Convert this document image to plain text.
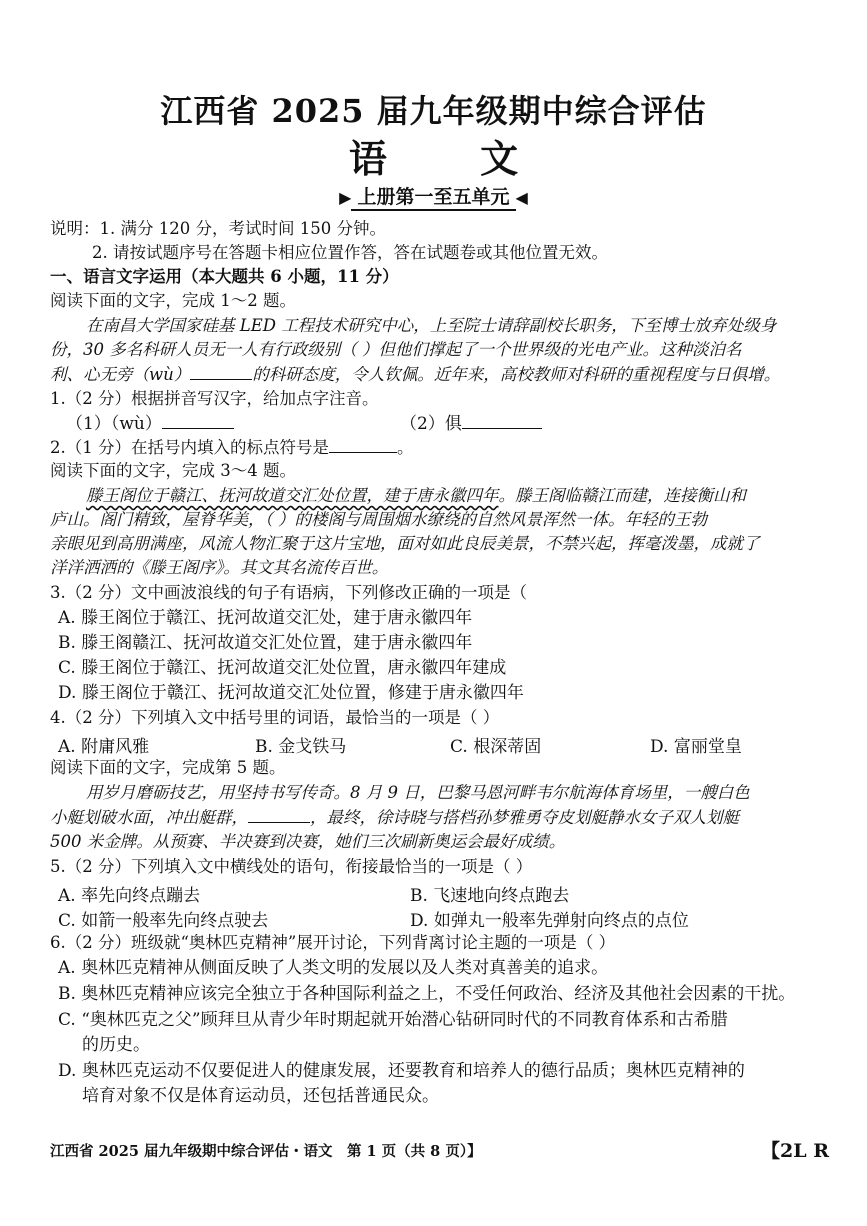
江西省 2025 届九年级期中综合评估
语 文
▶ 上册第一至五单元 ◀
说明：1. 满分 120 分，考试时间 150 分钟。
2. 请按试题序号在答题卡相应位置作答，答在试题卷或其他位置无效。
一、语言文字运用（本大题共 6 小题，11 分）
阅读下面的文字，完成 1～2 题。
在南昌大学国家硅基 LED 工程技术研究中心，上至院士请辞副校长职务，下至博士放弃处级身
份，30 多名科研人员无一人有行政级别（ ）但他们撑起了一个世界级的光电产业。这种淡泊名
利、心无旁（wù）	的科研态度，令人钦佩。近年来，高校教师对科研的重视程度与日俱增。
1.（2 分）根据拼音写汉字，给加点字注音。
（1）（wù）	（2）俱
2.（1 分）在括号内填入的标点符号是	。
阅读下面的文字，完成 3～4 题。
滕王阁位于赣江、抚河故道交汇处位置，建于唐永徽四年。滕王阁临赣江而建，连接衡山和
庐山。阁门精致，屋脊华美，（ ）的楼阁与周围烟水缭绕的自然风景浑然一体。年轻的王勃
亲眼见到高朋满座，风流人物汇聚于这片宝地，面对如此良辰美景，不禁兴起，挥毫泼墨，成就了
洋洋洒洒的《滕王阁序》。其文其名流传百世。
3.（2 分）文中画波浪线的句子有语病，下列修改正确的一项是（
A. 滕王阁位于赣江、抚河故道交汇处，建于唐永徽四年
B. 滕王阁赣江、抚河故道交汇处位置，建于唐永徽四年
C. 滕王阁位于赣江、抚河故道交汇处位置，唐永徽四年建成
D. 滕王阁位于赣江、抚河故道交汇处位置，修建于唐永徽四年
4.（2 分）下列填入文中括号里的词语，最恰当的一项是（ ）
A. 附庸风雅	B. 金戈铁马	C. 根深蒂固	D. 富丽堂皇
阅读下面的文字，完成第 5 题。
用岁月磨砺技艺，用坚持书写传奇。8 月 9 日，巴黎马恩河畔韦尔航海体育场里，一艘白色
小艇划破水面，冲出艇群，	，最终，徐诗晓与搭档孙梦雅勇夺皮划艇静水女子双人划艇
500 米金牌。从预赛、半决赛到决赛，她们三次刷新奥运会最好成绩。
5.（2 分）下列填入文中横线处的语句，衔接最恰当的一项是（ ）
A. 率先向终点蹦去	B. 飞速地向终点跑去
C. 如箭一般率先向终点驶去	D. 如弹丸一般率先弹射向终点的点位
6.（2 分）班级就“奥林匹克精神”展开讨论，下列背离讨论主题的一项是（ ）
A. 奥林匹克精神从侧面反映了人类文明的发展以及人类对真善美的追求。
B. 奥林匹克精神应该完全独立于各种国际利益之上，不受任何政治、经济及其他社会因素的干扰。
C. “奥林匹克之父”顾拜旦从青少年时期起就开始潜心钻研同时代的不同教育体系和古希腊
的历史。
D. 奥林匹克运动不仅要促进人的健康发展，还要教育和培养人的德行品质；奥林匹克精神的
培育对象不仅是体育运动员，还包括普通民众。
江西省 2025 届九年级期中综合评估・语文　第 1 页（共 8 页）】	【2L R
